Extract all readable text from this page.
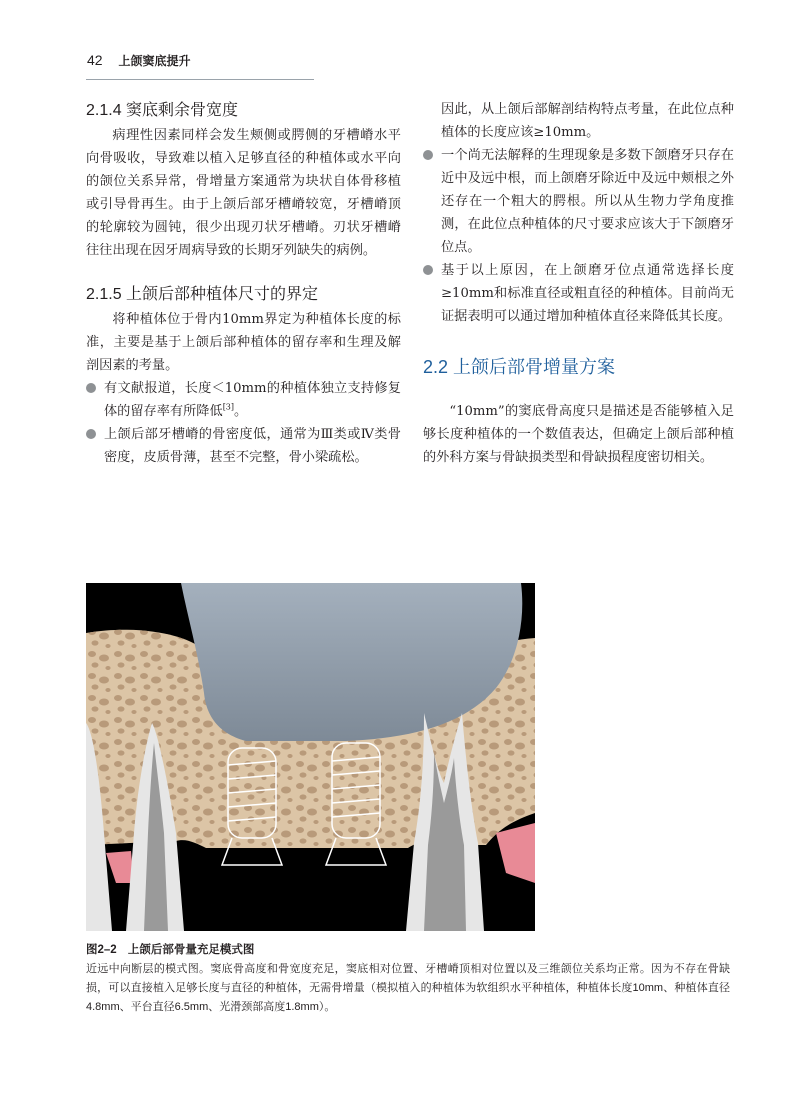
42 上颌窦底提升
2.1.4 窦底剩余骨宽度

病理性因素同样会发生颊侧或腭侧的牙槽嵴水平向骨吸收，导致难以植入足够直径的种植体或水平向的颌位关系异常，骨增量方案通常为块状自体骨移植或引导骨再生。由于上颌后部牙槽嵴较宽，牙槽嵴顶的轮廓较为圆钝，很少出现刃状牙槽嵴。刃状牙槽嵴往往出现在因牙周病导致的长期牙列缺失的病例。

2.1.5 上颌后部种植体尺寸的界定

将种植体位于骨内10mm界定为种植体长度的标准，主要是基于上颌后部种植体的留存率和生理及解剖因素的考量。

有文献报道，长度＜10mm的种植体独立支持修复体的留存率有所降低[3]。
上颌后部牙槽嵴的骨密度低，通常为Ⅲ类或Ⅳ类骨密度，皮质骨薄，甚至不完整，骨小梁疏松。

因此，从上颌后部解剖结构特点考量，在此位点种植体的长度应该≥10mm。

一个尚无法解释的生理现象是多数下颌磨牙只存在近中及远中根，而上颌磨牙除近中及远中颊根之外还存在一个粗大的腭根。所以从生物力学角度推测，在此位点种植体的尺寸要求应该大于下颌磨牙位点。
基于以上原因，在上颌磨牙位点通常选择长度≥10mm和标准直径或粗直径的种植体。目前尚无证据表明可以通过增加种植体直径来降低其长度。
2.2 上颌后部骨增量方案

“10mm”的窦底骨高度只是描述是否能够植入足够长度种植体的一个数值表达，但确定上颌后部种植的外科方案与骨缺损类型和骨缺损程度密切相关。

图2–2 上颌后部骨量充足模式图
近远中向断层的模式图。窦底骨高度和骨宽度充足，窦底相对位置、牙槽嵴顶相对位置以及三维颌位关系均正常。因为不存在骨缺损，可以直接植入足够长度与直径的种植体，无需骨增量（模拟植入的种植体为软组织水平种植体，种植体长度10mm、种植体直径4.8mm、平台直径6.5mm、光滑颈部高度1.8mm）。
